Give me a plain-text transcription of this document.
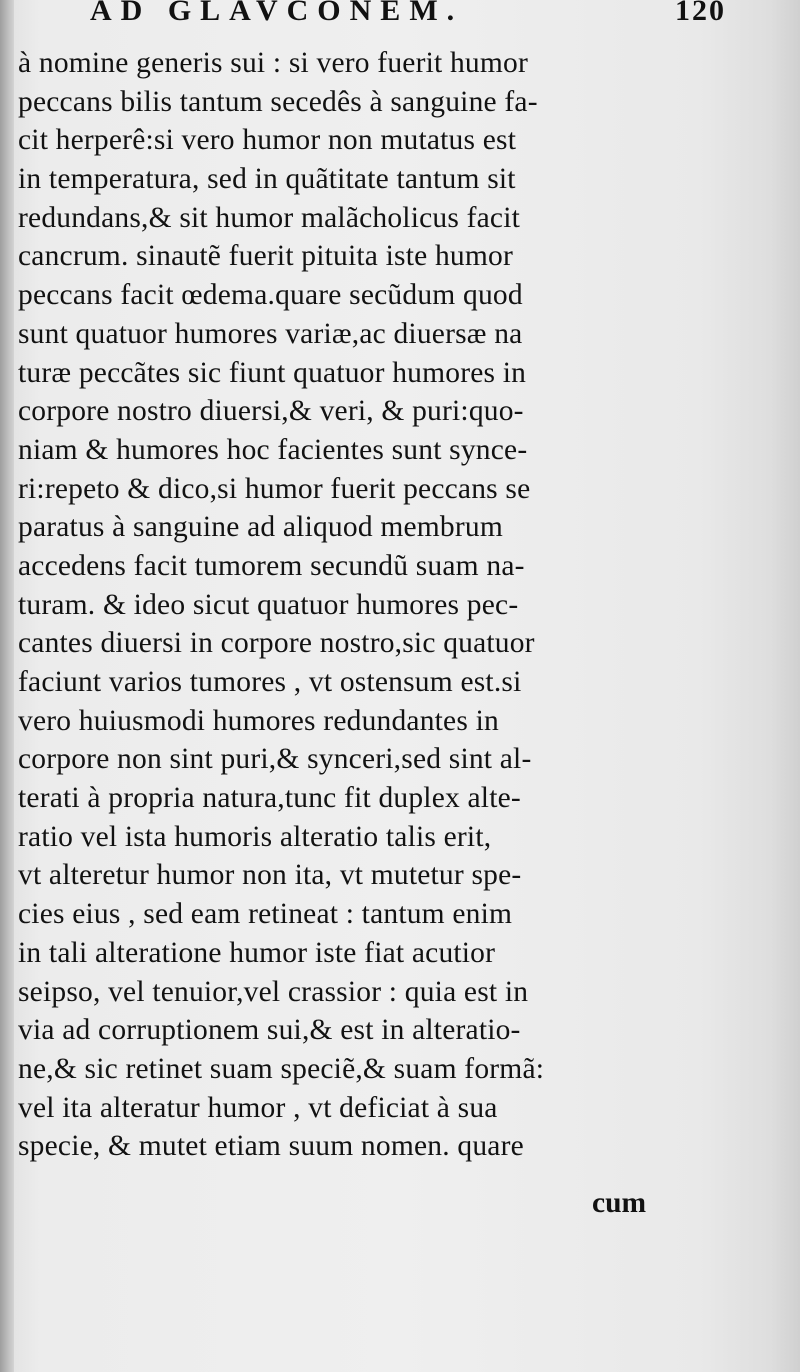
AD GLAVCONEM.	120
à nomine generis sui : si vero fuerit humor
peccans bilis tantum secedês à sanguine fa-
cit herperê:si vero humor non mutatus est
in temperatura, sed in quãtitate tantum sit
redundans,& sit humor malãcholicus facit
cancrum. sinautẽ fuerit pituita iste humor
peccans facit œdema.quare secũdum quod
sunt quatuor humores variæ,ac diuersæ na
turæ peccãtes sic fiunt quatuor humores in
corpore nostro diuersi,& veri, & puri:quo-
niam & humores hoc facientes sunt synce-
ri:repeto & dico,si humor fuerit peccans se
paratus à sanguine ad aliquod membrum
accedens facit tumorem secundũ suam na-
turam. & ideo sicut quatuor humores pec-
cantes diuersi in corpore nostro,sic quatuor
faciunt varios tumores , vt ostensum est.si
vero huiusmodi humores redundantes in
corpore non sint puri,& synceri,sed sint al-
terati à propria natura,tunc fit duplex alte-
ratio vel ista humoris alteratio talis erit,
vt alteretur humor non ita, vt mutetur spe-
cies eius , sed eam retineat : tantum enim
in tali alteratione humor iste fiat acutior
seipso, vel tenuior,vel crassior : quia est in
via ad corruptionem sui,& est in alteratio-
ne,& sic retinet suam speciẽ,& suam formã:
vel ita alteratur humor , vt deficiat à sua
specie, & mutet etiam suum nomen. quare
cum
